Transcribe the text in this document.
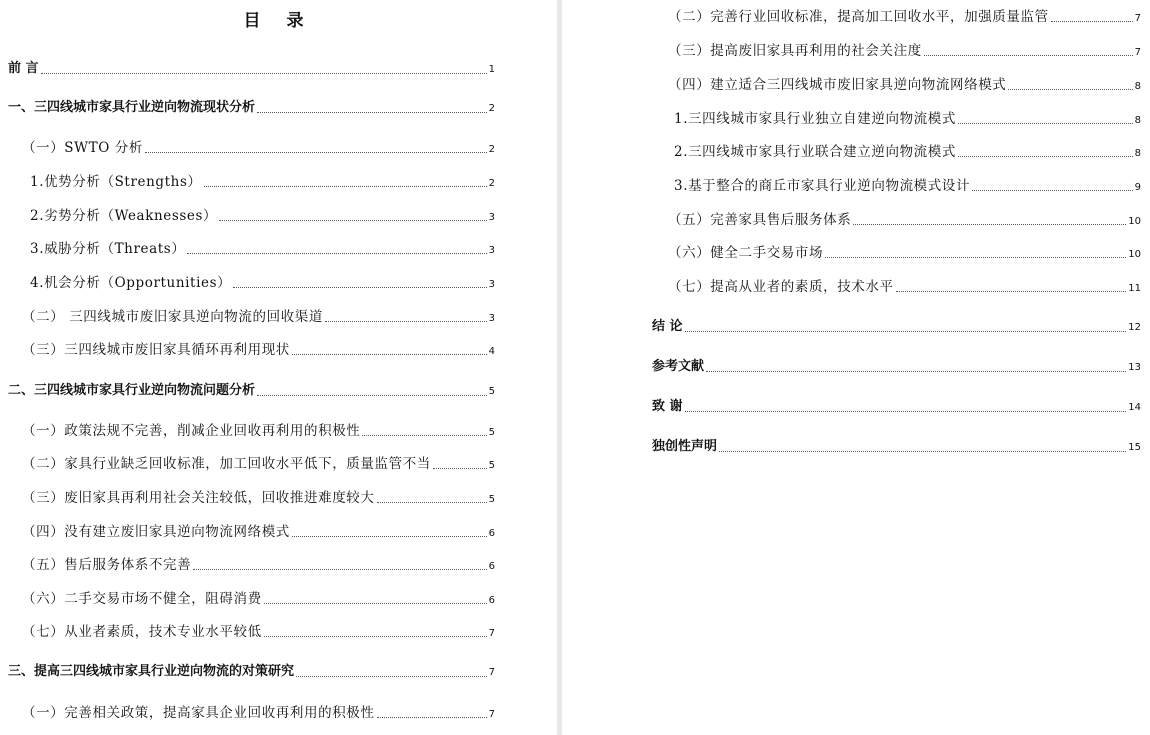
目 录
前 言	1
一、三四线城市家具行业逆向物流现状分析	2
（一）SWTO 分析	2
1.优势分析（Strengths）	2
2.劣势分析（Weaknesses）	3
3.威胁分析（Threats）	3
4.机会分析（Opportunities）	3
（二） 三四线城市废旧家具逆向物流的回收渠道	3
（三）三四线城市废旧家具循环再利用现状	4
二、三四线城市家具行业逆向物流问题分析	5
（一）政策法规不完善，削减企业回收再利用的积极性	5
（二）家具行业缺乏回收标准，加工回收水平低下，质量监管不当	5
（三）废旧家具再利用社会关注较低，回收推进难度较大	5
（四）没有建立废旧家具逆向物流网络模式	6
（五）售后服务体系不完善	6
（六）二手交易市场不健全，阻碍消费	6
（七）从业者素质，技术专业水平较低	7
三、提高三四线城市家具行业逆向物流的对策研究	7
（一）完善相关政策，提高家具企业回收再利用的积极性	7
（二）完善行业回收标准，提高加工回收水平，加强质量监管	7
（三）提高废旧家具再利用的社会关注度	7
（四）建立适合三四线城市废旧家具逆向物流网络模式	8
1.三四线城市家具行业独立自建逆向物流模式	8
2.三四线城市家具行业联合建立逆向物流模式	8
3.基于整合的商丘市家具行业逆向物流模式设计	9
（五）完善家具售后服务体系	10
（六）健全二手交易市场	10
（七）提高从业者的素质，技术水平	11
结 论	12
参考文献	13
致 谢	14
独创性声明	15
